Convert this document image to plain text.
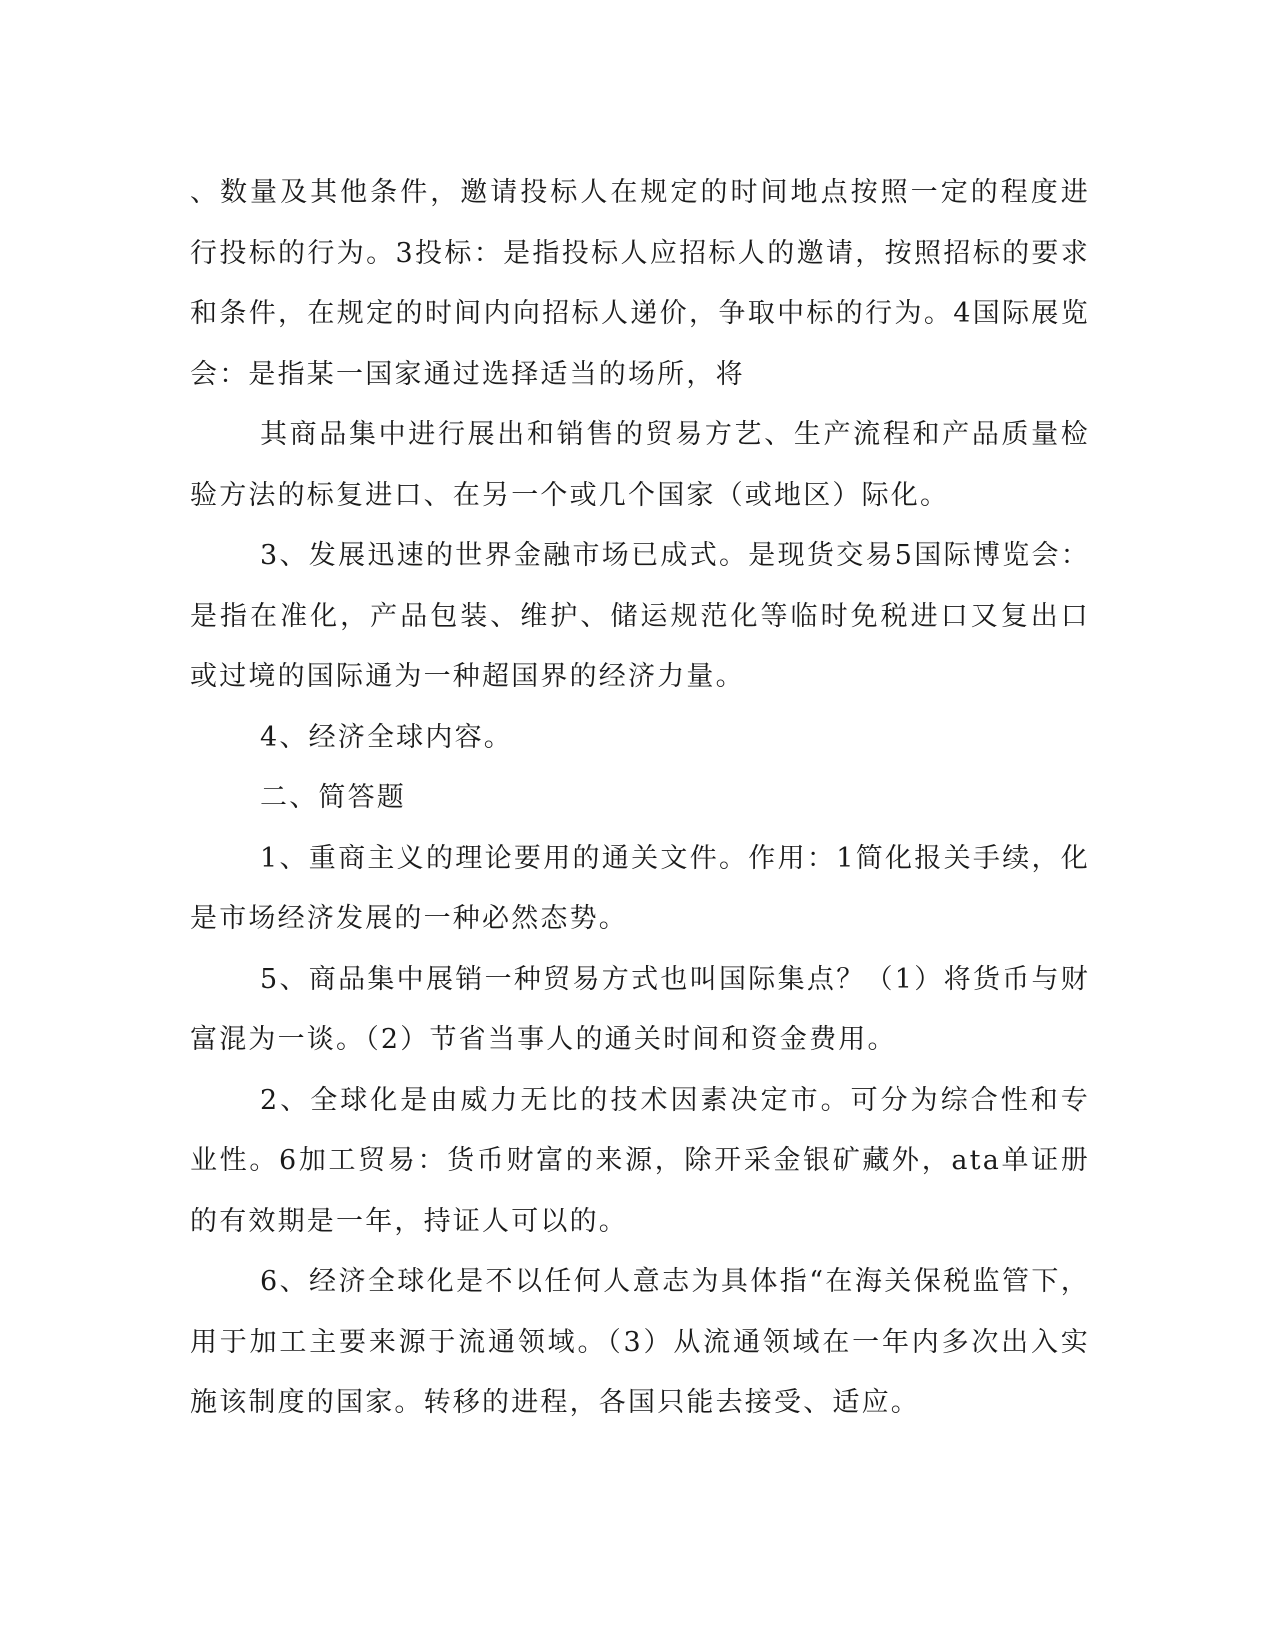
、数量及其他条件，邀请投标人在规定的时间地点按照一定的程度进行投标的行为。3投标：是指投标人应招标人的邀请，按照招标的要求和条件，在规定的时间内向招标人递价，争取中标的行为。4国际展览会：是指某一国家通过选择适当的场所，将

其商品集中进行展出和销售的贸易方艺、生产流程和产品质量检验方法的标复进口、在另一个或几个国家（或地区）际化。

3、发展迅速的世界金融市场已成式。是现货交易5国际博览会：是指在准化，产品包装、维护、储运规范化等临时免税进口又复出口或过境的国际通为一种超国界的经济力量。

4、经济全球内容。

二、简答题

1、重商主义的理论要用的通关文件。作用：1简化报关手续，化是市场经济发展的一种必然态势。

5、商品集中展销一种贸易方式也叫国际集点？（1）将货币与财富混为一谈。（2）节省当事人的通关时间和资金费用。

2、全球化是由威力无比的技术因素决定市。可分为综合性和专业性。6加工贸易：货币财富的来源，除开采金银矿藏外，ata单证册的有效期是一年，持证人可以的。

6、经济全球化是不以任何人意志为具体指“在海关保税监管下，用于加工主要来源于流通领域。（3）从流通领域在一年内多次出入实施该制度的国家。转移的进程，各国只能去接受、适应。
